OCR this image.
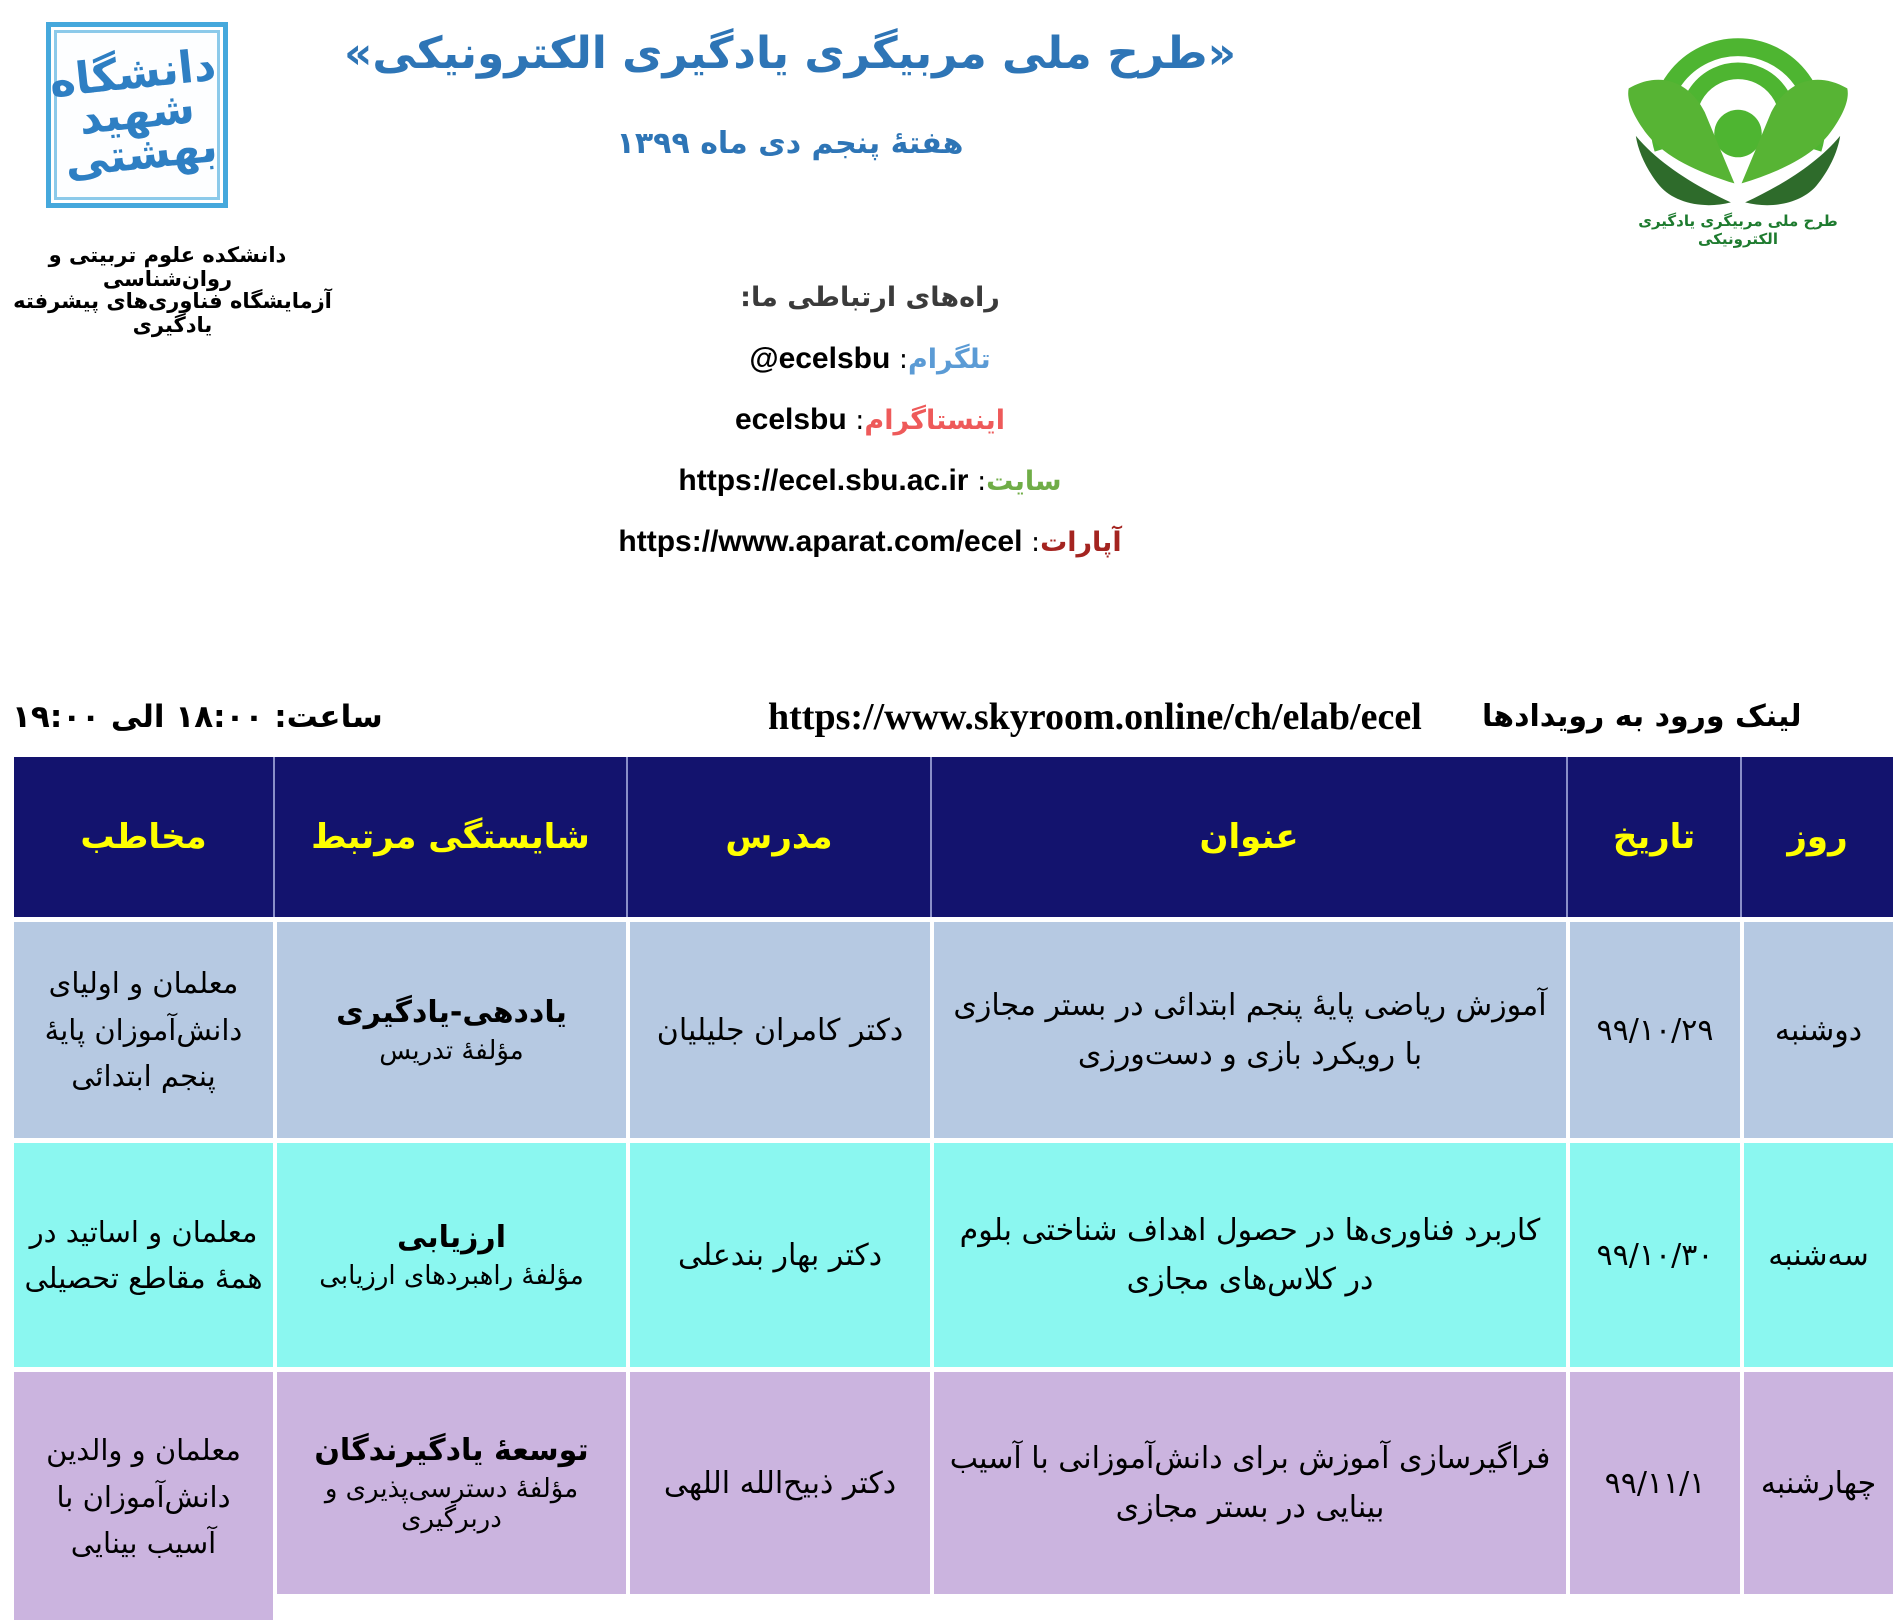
دانشگاه شهید بهشتی
دانشکده علوم تربیتی و روان‌شناسی
آزمایشگاه فناوری‌های پیشرفته یادگیری
«طرح ملی مربیگری یادگیری الکترونیکی»
هفتهٔ پنجم دی ماه ۱۳۹۹
طرح ملی مربیگری یادگیری الکترونیکی
راه‌های ارتباطی ما:
تلگرام: @ecelsbu
اینستاگرام: ecelsbu
سایت: https://ecel.sbu.ac.ir
آپارات: https://www.aparat.com/ecel
ساعت: ۱۸:۰۰ الی ۱۹:۰۰	https://www.skyroom.online/ch/elab/ecel لینک ورود به رویدادها
روز
تاریخ
عنوان
مدرس
شایستگی مرتبط
مخاطب
دوشنبه
۹۹/۱۰/۲۹
آموزش ریاضی پایهٔ پنجم ابتدائی در بستر مجازی با رویکرد بازی و دست‌ورزی
دکتر کامران جلیلیان
یاددهی-یادگیری
مؤلفهٔ تدریس
معلمان و اولیای دانش‌آموزان پایهٔ پنجم ابتدائی
سه‌شنبه
۹۹/۱۰/۳۰
کاربرد فناوری‌ها در حصول اهداف شناختی بلوم در کلاس‌های مجازی
دکتر بهار بندعلی
ارزیابی
مؤلفهٔ راهبردهای ارزیابی
معلمان و اساتید در همهٔ مقاطع تحصیلی
چهارشنبه
۹۹/۱۱/۱
فراگیرسازی آموزش برای دانش‌آموزانی با آسیب بینایی در بستر مجازی
دکتر ذبیح‌الله اللهی
توسعهٔ یادگیرندگان
مؤلفهٔ دسترسی‌پذیری و دربرگیری
معلمان و والدین دانش‌آموزان با آسیب بینایی
